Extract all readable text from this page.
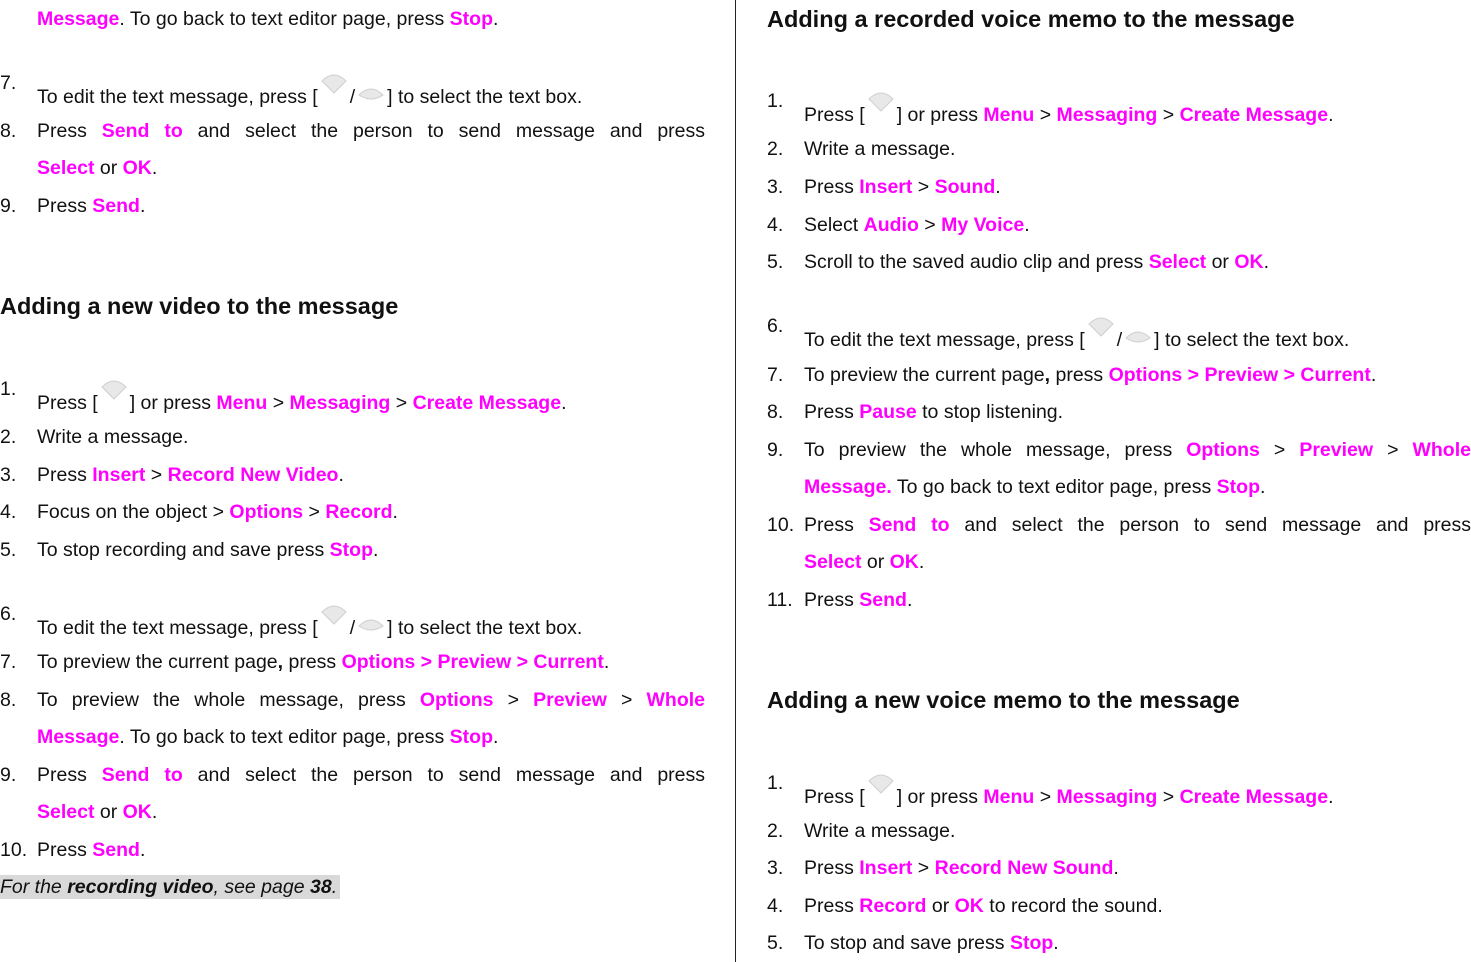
Message. To go back to text editor page, press Stop.
7.
To edit the text message, press [ / ] to select the text box.
8. Press Send to and select the person to send message and press
Select or OK.
9. Press Send.
Adding a new video to the message
1.
Press [ ] or press Menu > Messaging > Create Message.
2. Write a message.
3. Press Insert > Record New Video.
4. Focus on the object > Options > Record.
5. To stop recording and save press Stop.
6.
To edit the text message, press [ / ] to select the text box.
7. To preview the current page, press Options > Preview > Current.
8. To preview the whole message, press Options > Preview > Whole
Message. To go back to text editor page, press Stop.
9. Press Send to and select the person to send message and press
Select or OK.
10. Press Send.
For the recording video, see page 38.
Adding a recorded voice memo to the message
1.
Press [ ] or press Menu > Messaging > Create Message.
2. Write a message.
3. Press Insert > Sound.
4. Select Audio > My Voice.
5. Scroll to the saved audio clip and press Select or OK.
6.
To edit the text message, press [ / ] to select the text box.
7. To preview the current page, press Options > Preview > Current.
8. Press Pause to stop listening.
9. To preview the whole message, press Options > Preview > Whole
Message. To go back to text editor page, press Stop.
10. Press Send to and select the person to send message and press
Select or OK.
11. Press Send.
Adding a new voice memo to the message
1.
Press [ ] or press Menu > Messaging > Create Message.
2. Write a message.
3. Press Insert > Record New Sound.
4. Press Record or OK to record the sound.
5. To stop and save press Stop.
